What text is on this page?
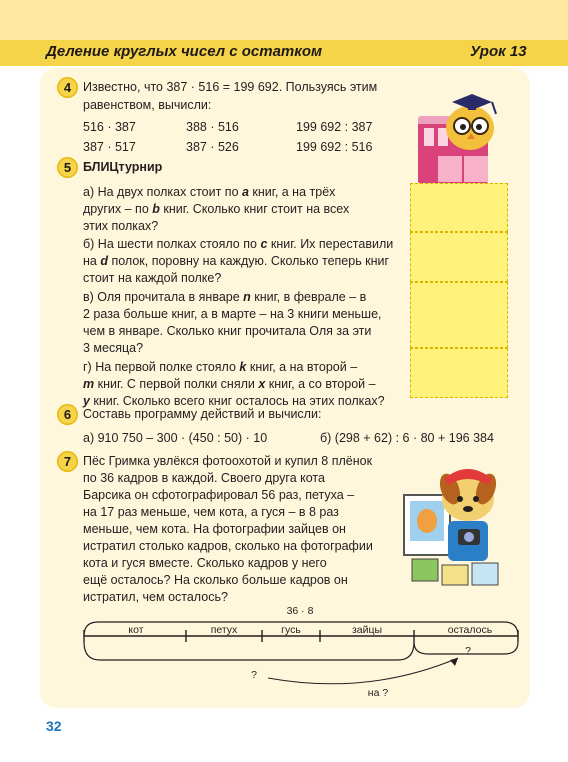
Деление круглых чисел с остатком	Урок 13
4 Известно, что 387 · 516 = 199 692. Пользуясь этим
равенством, вычисли:
516 · 387	388 · 516	199 692 : 387
387 · 517	387 · 526	199 692 : 516
5 БЛИЦтурнир
а) На двух полках стоит по a книг, а на трёх
других – по b книг. Сколько книг стоит на всех
этих полках?
б) На шести полках стояло по c книг. Их переставили
на d полок, поровну на каждую. Сколько теперь книг
стоит на каждой полке?
в) Оля прочитала в январе n книг, в феврале – в
2 раза больше книг, а в марте – на 3 книги меньше,
чем в январе. Сколько книг прочитала Оля за эти
3 месяца?
г) На первой полке стояло k книг, а на второй –
m книг. С первой полки сняли x книг, а со второй –
y книг. Сколько всего книг осталось на этих полках?
6 Составь программу действий и вычисли:
а) 910 750 – 300 · (450 : 50) · 10	б) (298 + 62) : 6 · 80 + 196 384
7 Пёс Гримка увлёкся фотоохотой и купил 8 плёнок
по 36 кадров в каждой. Своего друга кота
Барсика он сфотографировал 56 раз, петуха –
на 17 раз меньше, чем кота, а гуся – в 8 раз
меньше, чем кота. На фотографии зайцев он
истратил столько кадров, сколько на фотографии
кота и гуся вместе. Сколько кадров у него
ещё осталось? На сколько больше кадров он
истратил, чем осталось?
36 · 8
кот	петух	гусь	зайцы	осталось
?
?
на ?
32
